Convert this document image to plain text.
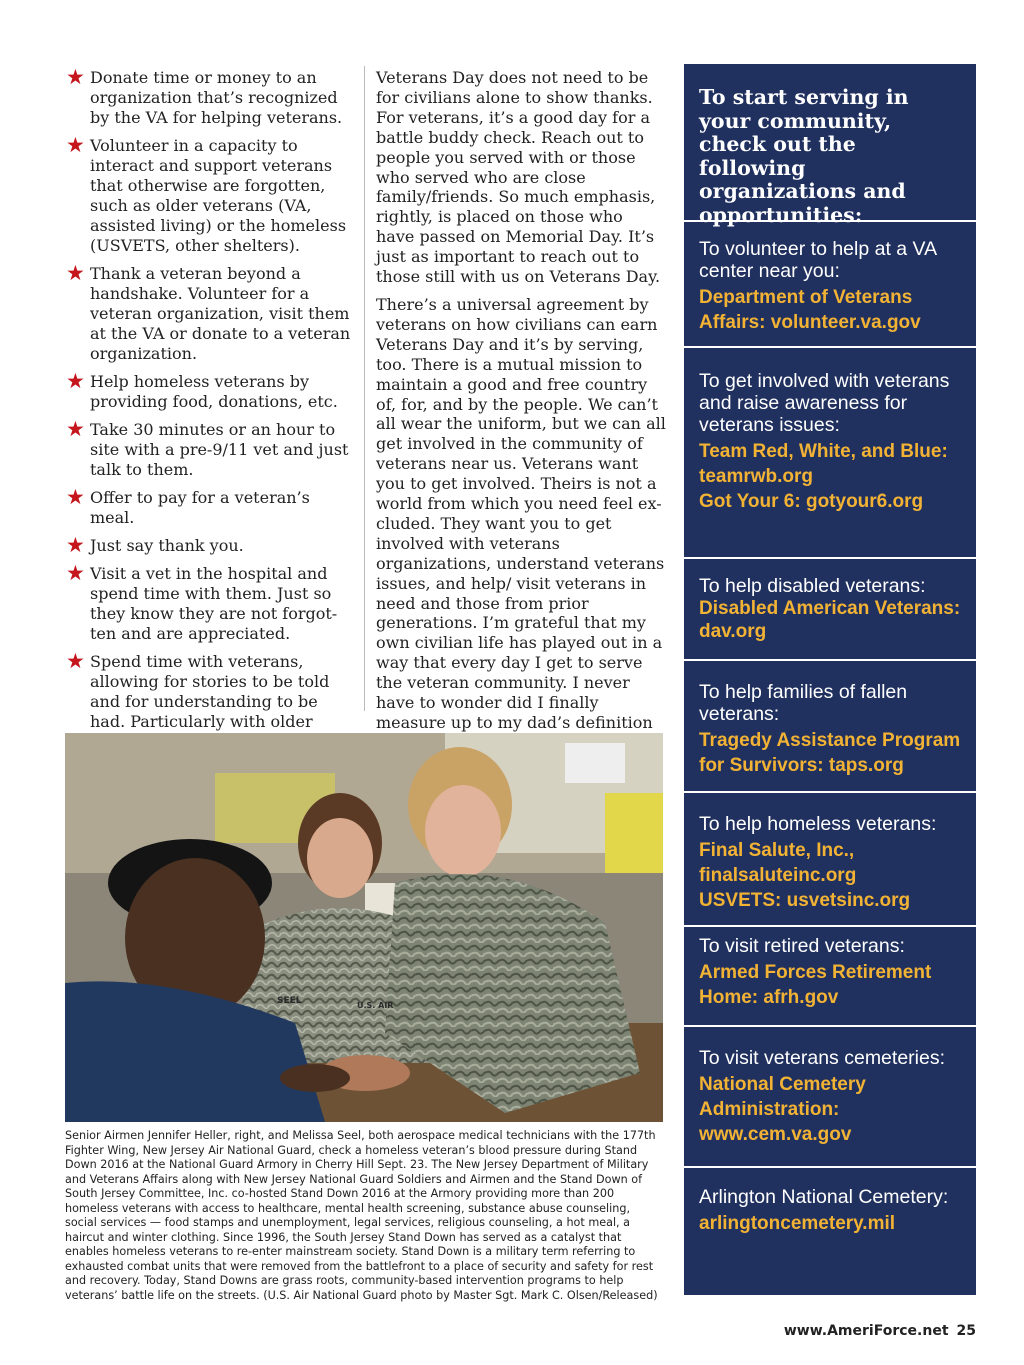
★ Donate time or money to an organization that’s recognized by the VA for helping veterans.
★ Volunteer in a capacity to interact and support veterans that otherwise are forgotten, such as older veterans (VA, assisted living) or the homeless (USVETS, other shelters).
★ Thank a veteran beyond a handshake. Volunteer for a veteran organization, visit them at the VA or donate to a veteran organization.
★ Help homeless veterans by providing food, donations, etc.
★ Take 30 minutes or an hour to site with a pre-9/11 vet and just talk to them.
★ Offer to pay for a veteran’s meal.
★ Just say thank you.
★ Visit a vet in the hospital and spend time with them. Just so they know they are not forgot-ten and are appreciated.
★ Spend time with veterans, allowing for stories to be told and for understanding to be had. Particularly with older

Veterans Day does not need to be for civilians alone to show thanks. For veterans, it’s a good day for a battle buddy check. Reach out to people you served with or those who served who are close family/friends. So much emphasis, rightly, is placed on those who have passed on Memorial Day. It’s just as important to reach out to those still with us on Veterans Day.

There’s a universal agreement by veterans on how civilians can earn Veterans Day and it’s by serving, too. There is a mutual mission to maintain a good and free country of, for, and by the people. We can’t all wear the uniform, but we can all get involved in the community of veterans near us. Veterans want you to get involved. Theirs is not a world from which you need feel ex-cluded. They want you to get involved with veterans organizations, understand veterans issues, and help/ visit veterans in need and those from prior generations. I’m grateful that my own civilian life has played out in a way that every day I get to serve the veteran community. I never have to wonder did I finally measure up to my dad’s definition

SEEL	U.S. AIR

Senior Airmen Jennifer Heller, right, and Melissa Seel, both aerospace medical technicians with the 177th Fighter Wing, New Jersey Air National Guard, check a homeless veteran’s blood pressure during Stand Down 2016 at the National Guard Armory in Cherry Hill Sept. 23. The New Jersey Department of Military and Veterans Affairs along with New Jersey National Guard Soldiers and Airmen and the Stand Down of South Jersey Committee, Inc. co-hosted Stand Down 2016 at the Armory providing more than 200 homeless veterans with access to healthcare, mental health screening, substance abuse counseling, social services — food stamps and unemployment, legal services, religious counseling, a hot meal, a haircut and winter clothing. Since 1996, the South Jersey Stand Down has served as a catalyst that enables homeless veterans to re-enter mainstream society. Stand Down is a military term referring to exhausted combat units that were removed from the battlefront to a place of security and safety for rest and recovery. Today, Stand Downs are grass roots, community-based intervention programs to help veterans’ battle life on the streets. (U.S. Air National Guard photo by Master Sgt. Mark C. Olsen/Released)

To start serving in your community, check out the following organizations and opportunities:
To volunteer to help at a VA center near you:
Department of Veterans Affairs: volunteer.va.gov
To get involved with veterans and raise awareness for veterans issues:
Team Red, White, and Blue: teamrwb.org
Got Your 6: gotyour6.org
To help disabled veterans:
Disabled American Veterans: dav.org
To help families of fallen veterans:
Tragedy Assistance Program for Survivors: taps.org
To help homeless veterans:
Final Salute, Inc., finalsaluteinc.org
USVETS: usvetsinc.org
To visit retired veterans:
Armed Forces Retirement Home: afrh.gov
To visit veterans cemeteries:
National Cemetery Administration: www.cem.va.gov
Arlington National Cemetery:
arlingtoncemetery.mil
www.AmeriForce.net 25
